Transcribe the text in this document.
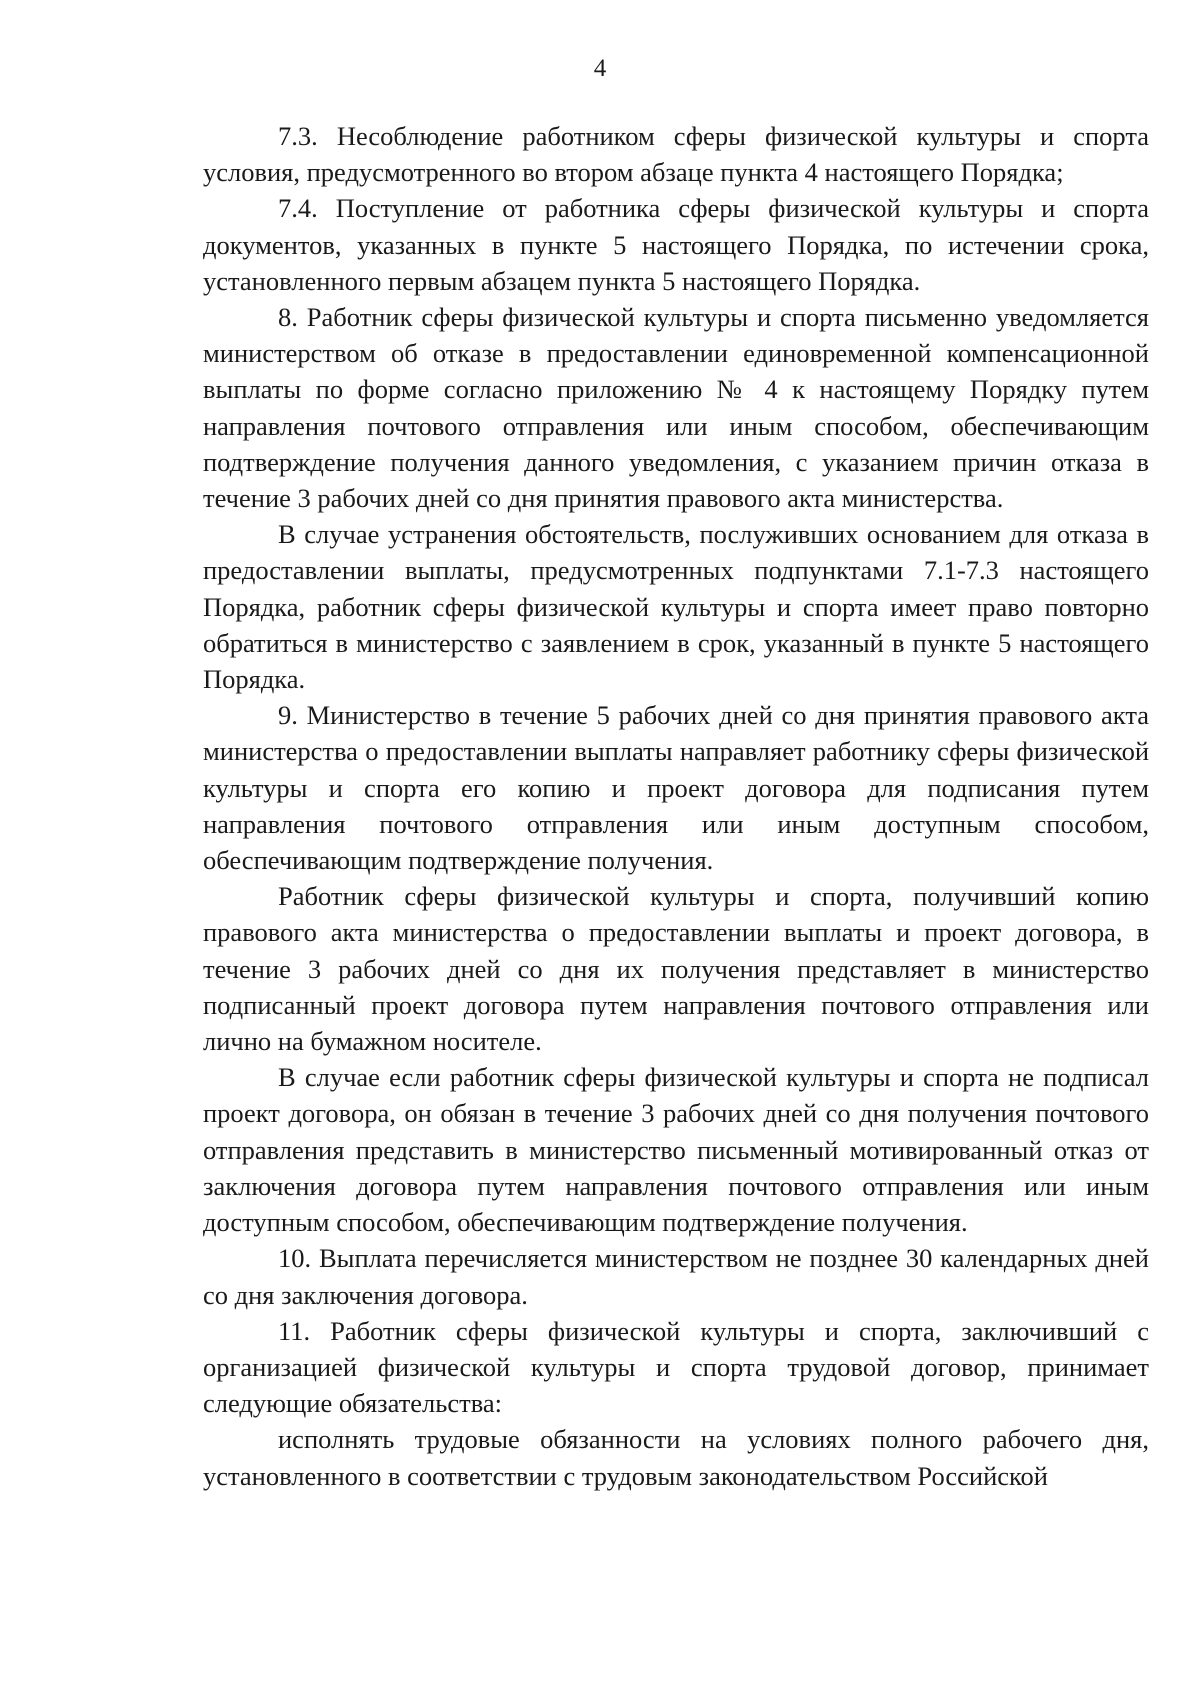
4

7.3. Несоблюдение работником сферы физической культуры и спорта условия, предусмотренного во втором абзаце пункта 4 настоящего Порядка;

7.4. Поступление от работника сферы физической культуры и спорта документов, указанных в пункте 5 настоящего Порядка, по истечении срока, установленного первым абзацем пункта 5 настоящего Порядка.

8. Работник сферы физической культуры и спорта письменно уведомляется министерством об отказе в предоставлении единовременной компенсационной выплаты по форме согласно приложению № 4 к настоящему Порядку путем направления почтового отправления или иным способом, обеспечивающим подтверждение получения данного уведомления, с указанием причин отказа в течение 3 рабочих дней со дня принятия правового акта министерства.

В случае устранения обстоятельств, послуживших основанием для отказа в предоставлении выплаты, предусмотренных подпунктами 7.1-7.3 настоящего Порядка, работник сферы физической культуры и спорта имеет право повторно обратиться в министерство с заявлением в срок, указанный в пункте 5 настоящего Порядка.

9. Министерство в течение 5 рабочих дней со дня принятия правового акта министерства о предоставлении выплаты направляет работнику сферы физической культуры и спорта его копию и проект договора для подписания путем направления почтового отправления или иным доступным способом, обеспечивающим подтверждение получения.

Работник сферы физической культуры и спорта, получивший копию правового акта министерства о предоставлении выплаты и проект договора, в течение 3 рабочих дней со дня их получения представляет в министерство подписанный проект договора путем направления почтового отправления или лично на бумажном носителе.

В случае если работник сферы физической культуры и спорта не подписал проект договора, он обязан в течение 3 рабочих дней со дня получения почтового отправления представить в министерство письменный мотивированный отказ от заключения договора путем направления почтового отправления или иным доступным способом, обеспечивающим подтверждение получения.

10. Выплата перечисляется министерством не позднее 30 календарных дней со дня заключения договора.

11. Работник сферы физической культуры и спорта, заключивший с организацией физической культуры и спорта трудовой договор, принимает следующие обязательства:

исполнять трудовые обязанности на условиях полного рабочего дня, установленного в соответствии с трудовым законодательством Российской
